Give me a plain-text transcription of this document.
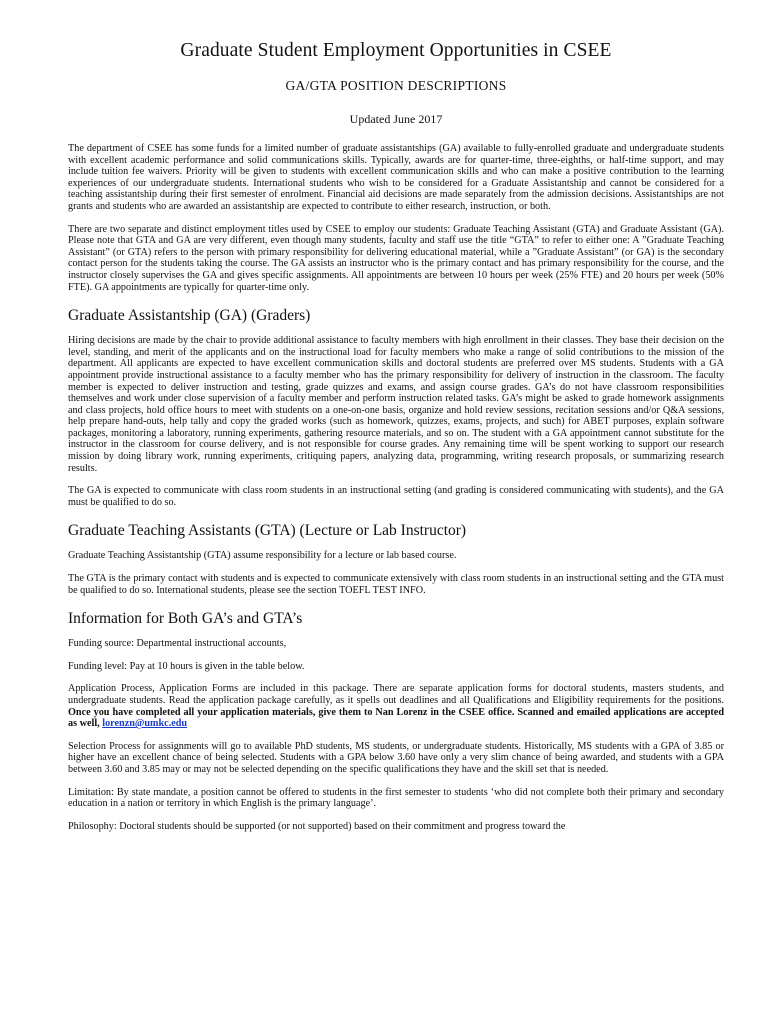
Graduate Student Employment Opportunities in CSEE
GA/GTA POSITION DESCRIPTIONS
Updated June 2017

The department of CSEE has some funds for a limited number of graduate assistantships (GA) available to fully-enrolled graduate and undergraduate students with excellent academic performance and solid communications skills. Typically, awards are for quarter-time, three-eighths, or half-time support, and may include tuition fee waivers. Priority will be given to students with excellent communication skills and who can make a positive contribution to the learning experiences of our undergraduate students. International students who wish to be considered for a Graduate Assistantship and cannot be considered for a teaching assistantship during their first semester of enrolment. Financial aid decisions are made separately from the admission decisions. Assistantships are not grants and students who are awarded an assistantship are expected to contribute to either research, instruction, or both.

There are two separate and distinct employment titles used by CSEE to employ our students: Graduate Teaching Assistant (GTA) and Graduate Assistant (GA). Please note that GTA and GA are very different, even though many students, faculty and staff use the title “GTA” to refer to either one: A ”Graduate Teaching Assistant” (or GTA) refers to the person with primary responsibility for delivering educational material, while a ”Graduate Assistant” (or GA) is the secondary contact person for the students taking the course. The GA assists an instructor who is the primary contact and has primary responsibility for the course, and the instructor closely supervises the GA and gives specific assignments. All appointments are between 10 hours per week (25% FTE) and 20 hours per week (50% FTE). GA appointments are typically for quarter-time only.

Graduate Assistantship (GA) (Graders)

Hiring decisions are made by the chair to provide additional assistance to faculty members with high enrollment in their classes. They base their decision on the level, standing, and merit of the applicants and on the instructional load for faculty members who make a range of solid contributions to the mission of the department. All applicants are expected to have excellent communication skills and doctoral students are preferred over MS students. Students with a GA appointment provide instructional assistance to a faculty member who has the primary responsibility for delivery of instruction in the classroom. The faculty member is expected to deliver instruction and testing, grade quizzes and exams, and assign course grades. GA’s do not have classroom responsibilities themselves and work under close supervision of a faculty member and perform instruction related tasks. GA’s might be asked to grade homework assignments and class projects, hold office hours to meet with students on a one-on-one basis, organize and hold review sessions, recitation sessions and/or Q&A sessions, help prepare hand-outs, help tally and copy the graded works (such as homework, quizzes, exams, projects, and such) for ABET purposes, explain software packages, monitoring a laboratory, running experiments, gathering resource materials, and so on. The student with a GA appointment cannot substitute for the instructor in the classroom for course delivery, and is not responsible for course grades. Any remaining time will be spent working to support our research mission by doing library work, running experiments, critiquing papers, analyzing data, programming, writing research proposals, or summarizing research results.

The GA is expected to communicate with class room students in an instructional setting (and grading is considered communicating with students), and the GA must be qualified to do so.

Graduate Teaching Assistants (GTA) (Lecture or Lab Instructor)

Graduate Teaching Assistantship (GTA) assume responsibility for a lecture or lab based course.

The GTA is the primary contact with students and is expected to communicate extensively with class room students in an instructional setting and the GTA must be qualified to do so. International students, please see the section TOEFL TEST INFO.

Information for Both GA’s and GTA’s

Funding source: Departmental instructional accounts,

Funding level: Pay at 10 hours is given in the table below.

Application Process, Application Forms are included in this package. There are separate application forms for doctoral students, masters students, and undergraduate students. Read the application package carefully, as it spells out deadlines and all Qualifications and Eligibility requirements for the positions. Once you have completed all your application materials, give them to Nan Lorenz in the CSEE office. Scanned and emailed applications are accepted as well, lorenzn@umkc.edu

Selection Process for assignments will go to available PhD students, MS students, or undergraduate students. Historically, MS students with a GPA of 3.85 or higher have an excellent chance of being selected. Students with a GPA below 3.60 have only a very slim chance of being awarded, and students with a GPA between 3.60 and 3.85 may or may not be selected depending on the specific qualifications they have and the skill set that is needed.

Limitation: By state mandate, a position cannot be offered to students in the first semester to students ‘who did not complete both their primary and secondary education in a nation or territory in which English is the primary language’.

Philosophy: Doctoral students should be supported (or not supported) based on their commitment and progress toward the
